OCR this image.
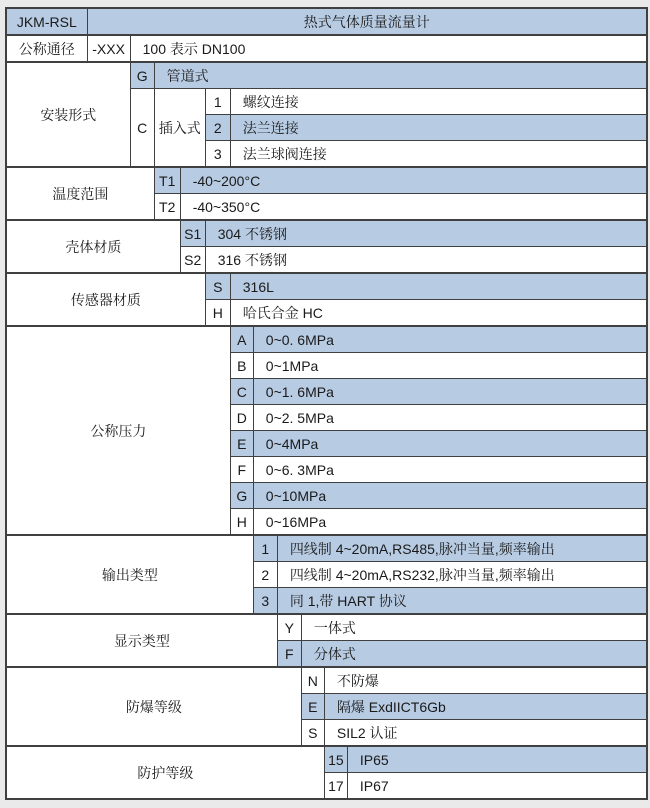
JKM-RSL	热式气体质量流量计										
公称通径	-XXX	100 表示 DN100									
安装形式		G	管道式								
		C	插入式		1	螺纹连接					
					2	法兰连接					
					3	法兰球阀连接					
温度范围			T1	-40~200°C							
			T2	-40~350°C							
壳体材质				S1	304 不锈钢						
				S2	316 不锈钢						
传感器材质					S	316L					
					H	哈氏合金 HC					
公称压力						A	0~0. 6MPa				
						B	0~1MPa				
						C	0~1. 6MPa				
						D	0~2. 5MPa				
						E	0~4MPa				
						F	0~6. 3MPa				
						G	0~10MPa				
						H	0~16MPa				
输出类型							1	四线制 4~20mA,RS485,脉冲当量,频率输出			
							2	四线制 4~20mA,RS232,脉冲当量,频率输出			
							3	同 1,带 HART 协议			
显示类型								Y	一体式		
								F	分体式		
防爆等级									N	不防爆	
									E	隔爆 ExdIICT6Gb	
									S	SIL2 认证	
防护等级										15	IP65
										17	IP67
